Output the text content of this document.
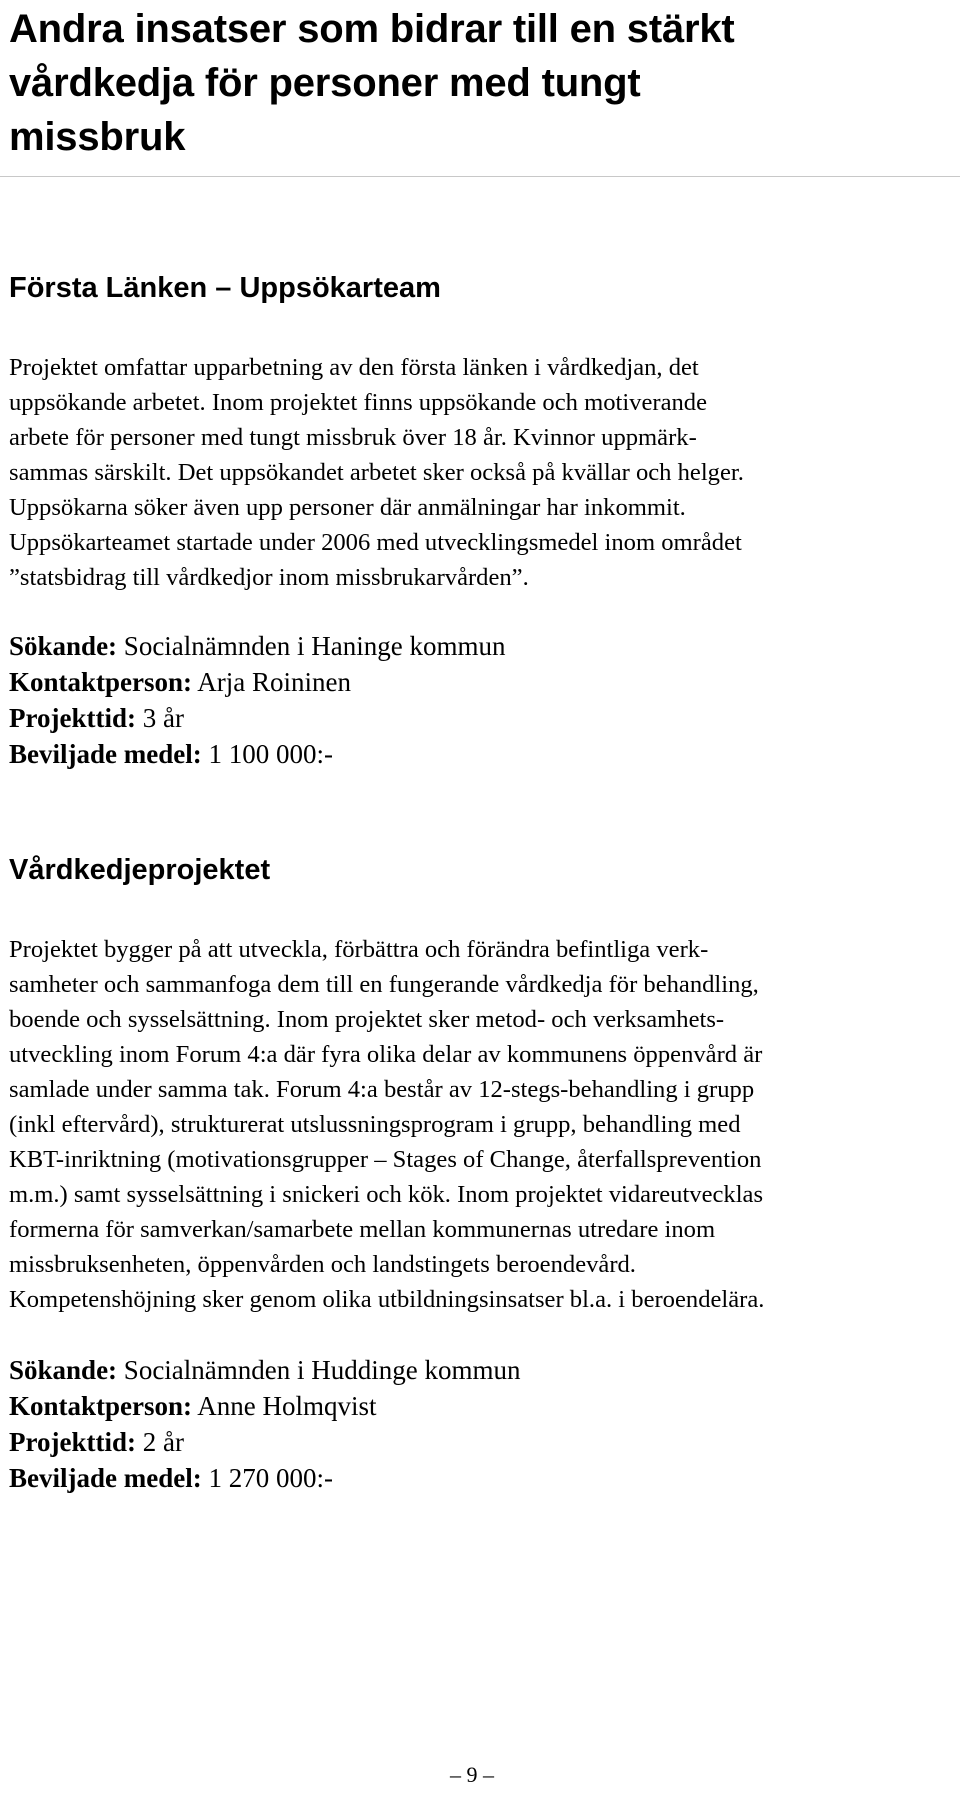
Andra insatser som bidrar till en stärkt
vårdkedja för personer med tungt
missbruk
Första Länken – Uppsökarteam
Projektet omfattar upparbetning av den första länken i vårdkedjan, det
uppsökande arbetet. Inom projektet finns uppsökande och motiverande
arbete för personer med tungt missbruk över 18 år. Kvinnor uppmärk-
sammas särskilt. Det uppsökandet arbetet sker också på kvällar och helger.
Uppsökarna söker även upp personer där anmälningar har inkommit.
Uppsökarteamet startade under 2006 med utvecklingsmedel inom området
”statsbidrag till vårdkedjor inom missbrukarvården”.
Sökande: Socialnämnden i Haninge kommun
Kontaktperson: Arja Roininen
Projekttid: 3 år
Beviljade medel: 1 100 000:-
Vårdkedjeprojektet
Projektet bygger på att utveckla, förbättra och förändra befintliga verk-
samheter och sammanfoga dem till en fungerande vårdkedja för behandling,
boende och sysselsättning. Inom projektet sker metod- och verksamhets-
utveckling inom Forum 4:a där fyra olika delar av kommunens öppenvård är
samlade under samma tak. Forum 4:a består av 12-stegs-behandling i grupp
(inkl eftervård), strukturerat utslussningsprogram i grupp, behandling med
KBT-inriktning (motivationsgrupper – Stages of Change, återfallsprevention
m.m.) samt sysselsättning i snickeri och kök. Inom projektet vidareutvecklas
formerna för samverkan/samarbete mellan kommunernas utredare inom
missbruksenheten, öppenvården och landstingets beroendevård.
Kompetenshöjning sker genom olika utbildningsinsatser bl.a. i beroendelära.
Sökande: Socialnämnden i Huddinge kommun
Kontaktperson: Anne Holmqvist
Projekttid: 2 år
Beviljade medel: 1 270 000:-
– 9 –
